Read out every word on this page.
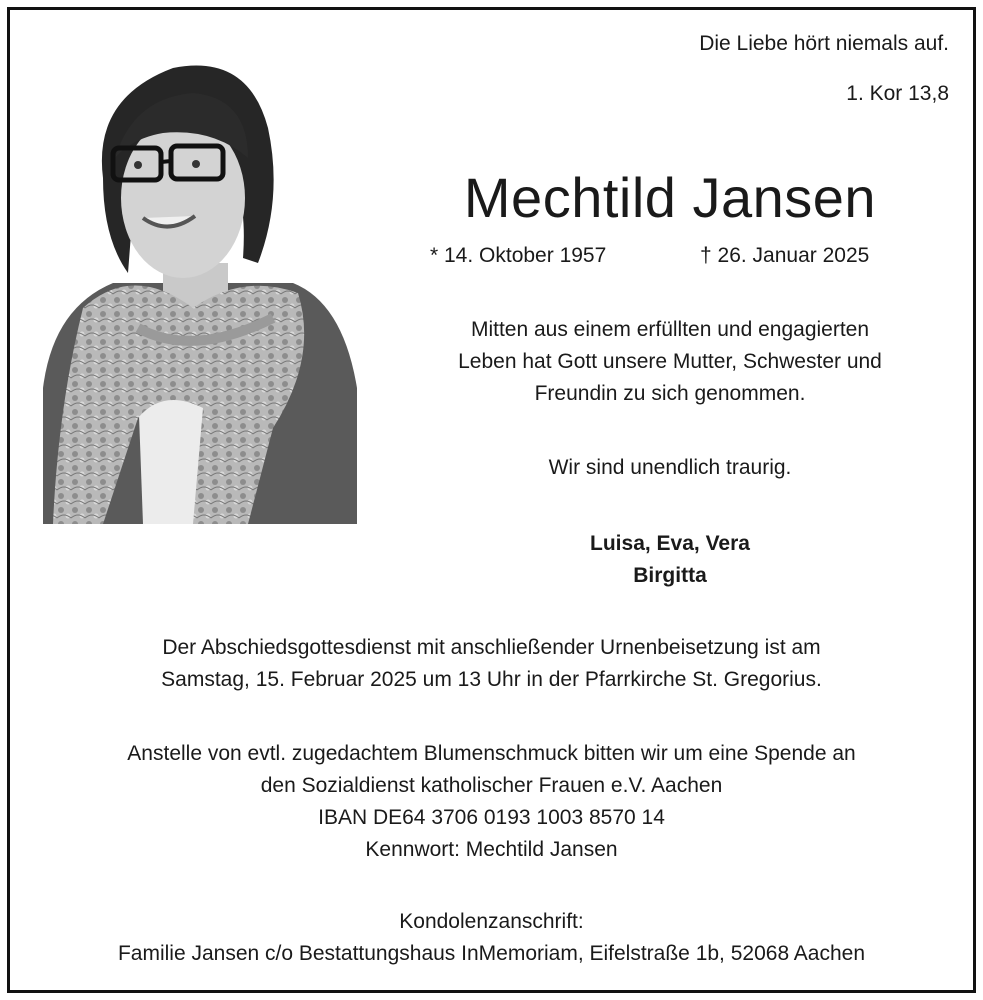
Die Liebe hört niemals auf.
1. Kor 13,8
Mechtild Jansen
* 14. Oktober 1957	† 26. Januar 2025
Mitten aus einem erfüllten und engagierten
Leben hat Gott unsere Mutter, Schwester und
Freundin zu sich genommen.
Wir sind unendlich traurig.
Luisa, Eva, Vera
Birgitta
Der Abschiedsgottesdienst mit anschließender Urnenbeisetzung ist am
Samstag, 15. Februar 2025 um 13 Uhr in der Pfarrkirche St. Gregorius.
Anstelle von evtl. zugedachtem Blumenschmuck bitten wir um eine Spende an
den Sozialdienst katholischer Frauen e.V. Aachen
IBAN DE64 3706 0193 1003 8570 14
Kennwort: Mechtild Jansen
Kondolenzanschrift:
Familie Jansen c/o Bestattungshaus InMemoriam, Eifelstraße 1b, 52068 Aachen
